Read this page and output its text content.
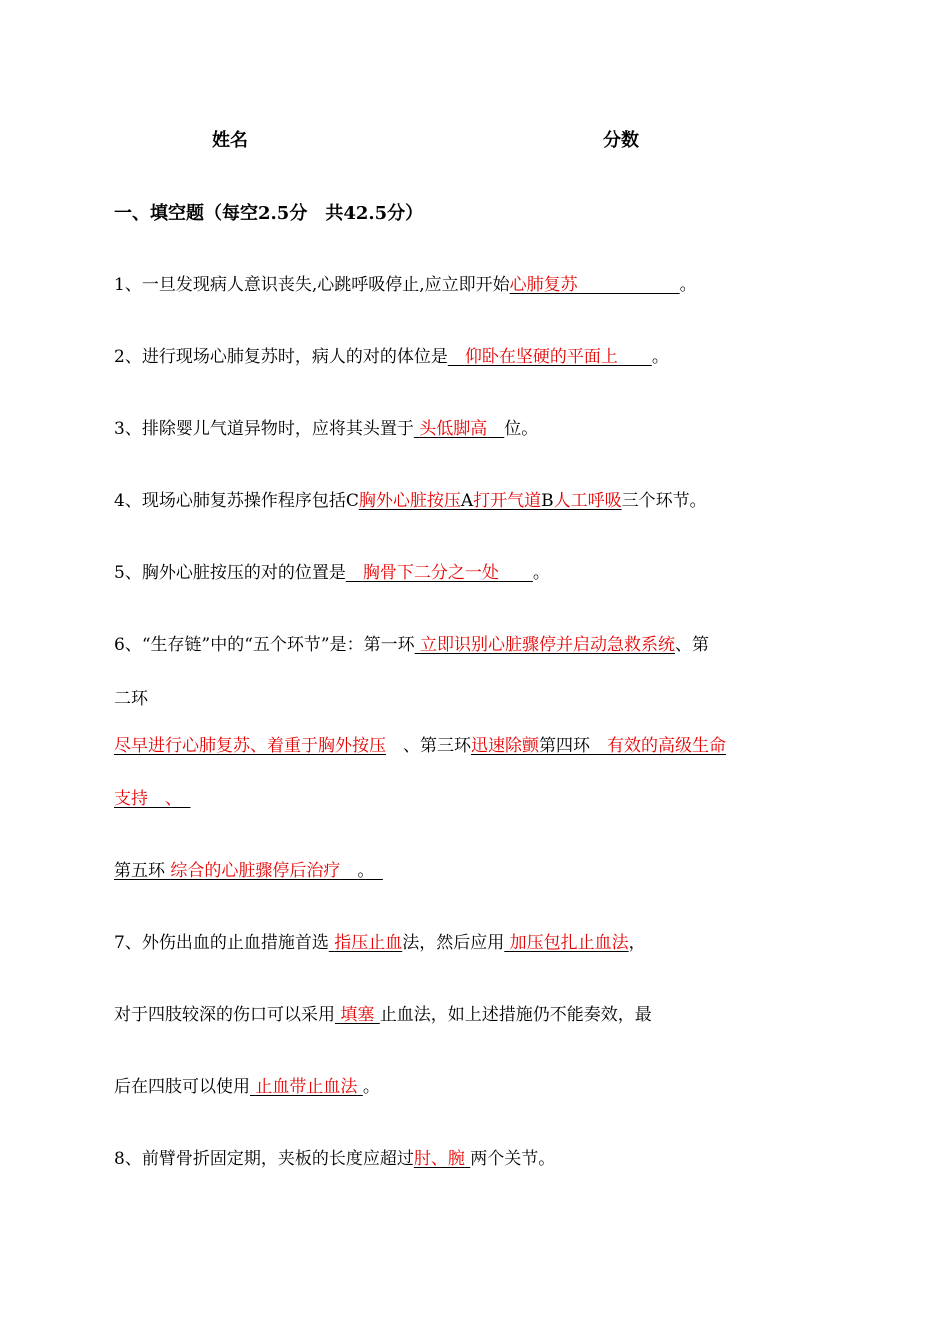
姓名	分数
一、填空题（每空2.5分　共42.5分）
1、一旦发现病人意识丧失,心跳呼吸停止,应立即开始心肺复苏　　　　　　	。
2、进行现场心肺复苏时，病人的对的体位是　 仰卧在坚硬的平面上　　 。
3、排除婴儿气道异物时，应将其头置于 头低脚高　 位。
4、现场心肺复苏操作程序包括C胸外心脏按压A打开气道B人工呼吸三个环节。
5、胸外心脏按压的对的位置是　 胸骨下二分之一处　　 。
6、“生存链”中的“五个环节”是：第一环 立即识别心脏骤停并启动急救系统、第
二环
尽早进行心肺复苏、着重于胸外按压　 、第三环迅速除颤第四环　 有效的高级生命
支持　 、　
第五环 综合的心脏骤停后治疗　 。　
7、外伤出血的止血措施首选 指压止血法，然后应用 加压包扎止血法，
对于四肢较深的伤口可以采用 填塞 止血法，如上述措施仍不能奏效，最
后在四肢可以使用 止血带止血法 。
8、前臂骨折固定期，夹板的长度应超过肘、腕 两个关节。
